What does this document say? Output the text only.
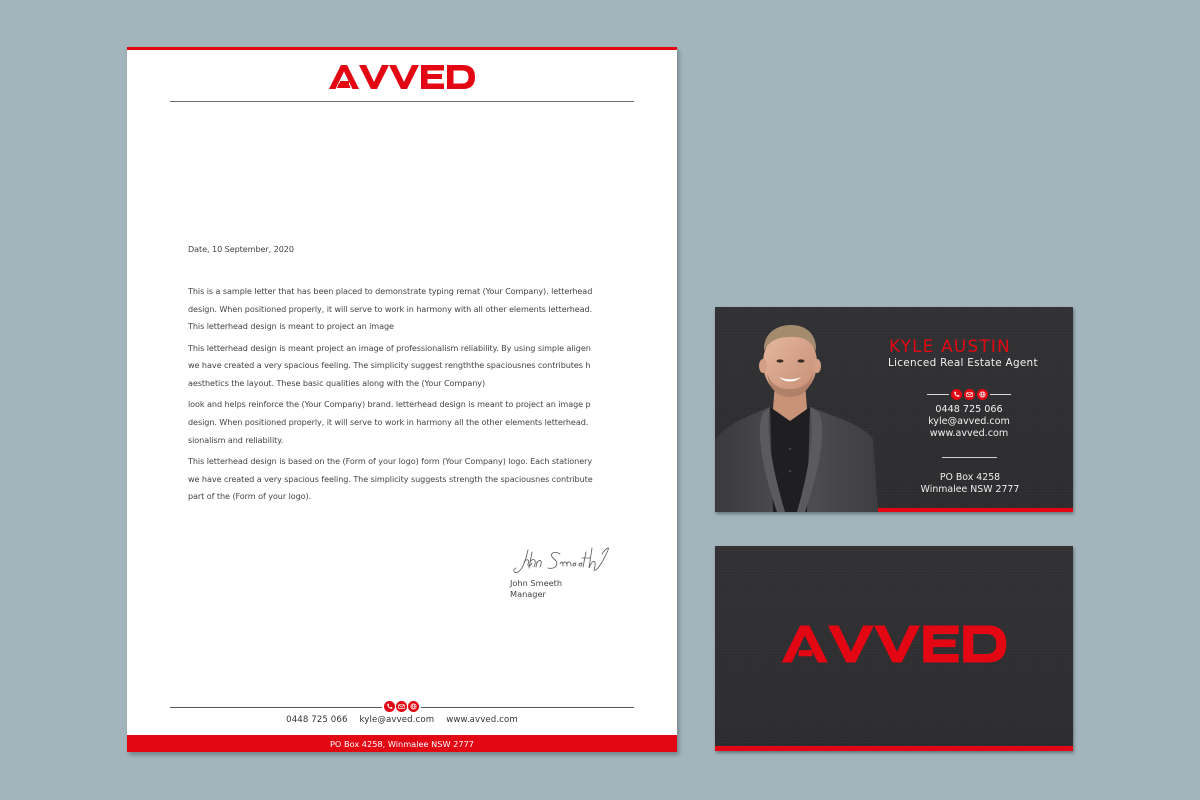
Date, 10 September, 2020
This is a sample letter that has been placed to demonstrate typing remat (Your Company). letterhead
design. When positioned properly, it will serve to work in harmony with all other elements letterhead.
This letterhead design is meant to project an image
This letterhead design is meant project an image of professionalism reliability. By using simple aligen
we have created a very spacious feeling. The simplicity suggest rengththe spaciousnes contributes h
aesthetics the layout. These basic qualities along with the (Your Company)
look and helps reinforce the (Your Company) brand. letterhead design is meant to project an image p
design. When positioned properly, it will serve to work in harmony all the other elements letterhead.
sionalism and reliability.
This letterhead design is based on the (Form of your logo) form (Your Company) logo. Each stationery
we have created a very spacious feeling. The simplicity suggests strength the spaciousnes contribute
part of the (Form of your logo).
John Smeeth
Manager
0448 725 066 kyle@avved.com www.avved.com
PO Box 4258, Winmalee NSW 2777
KYLE AUSTIN
Licenced Real Estate Agent
0448 725 066
kyle@avved.com
www.avved.com
PO Box 4258
Winmalee NSW 2777
